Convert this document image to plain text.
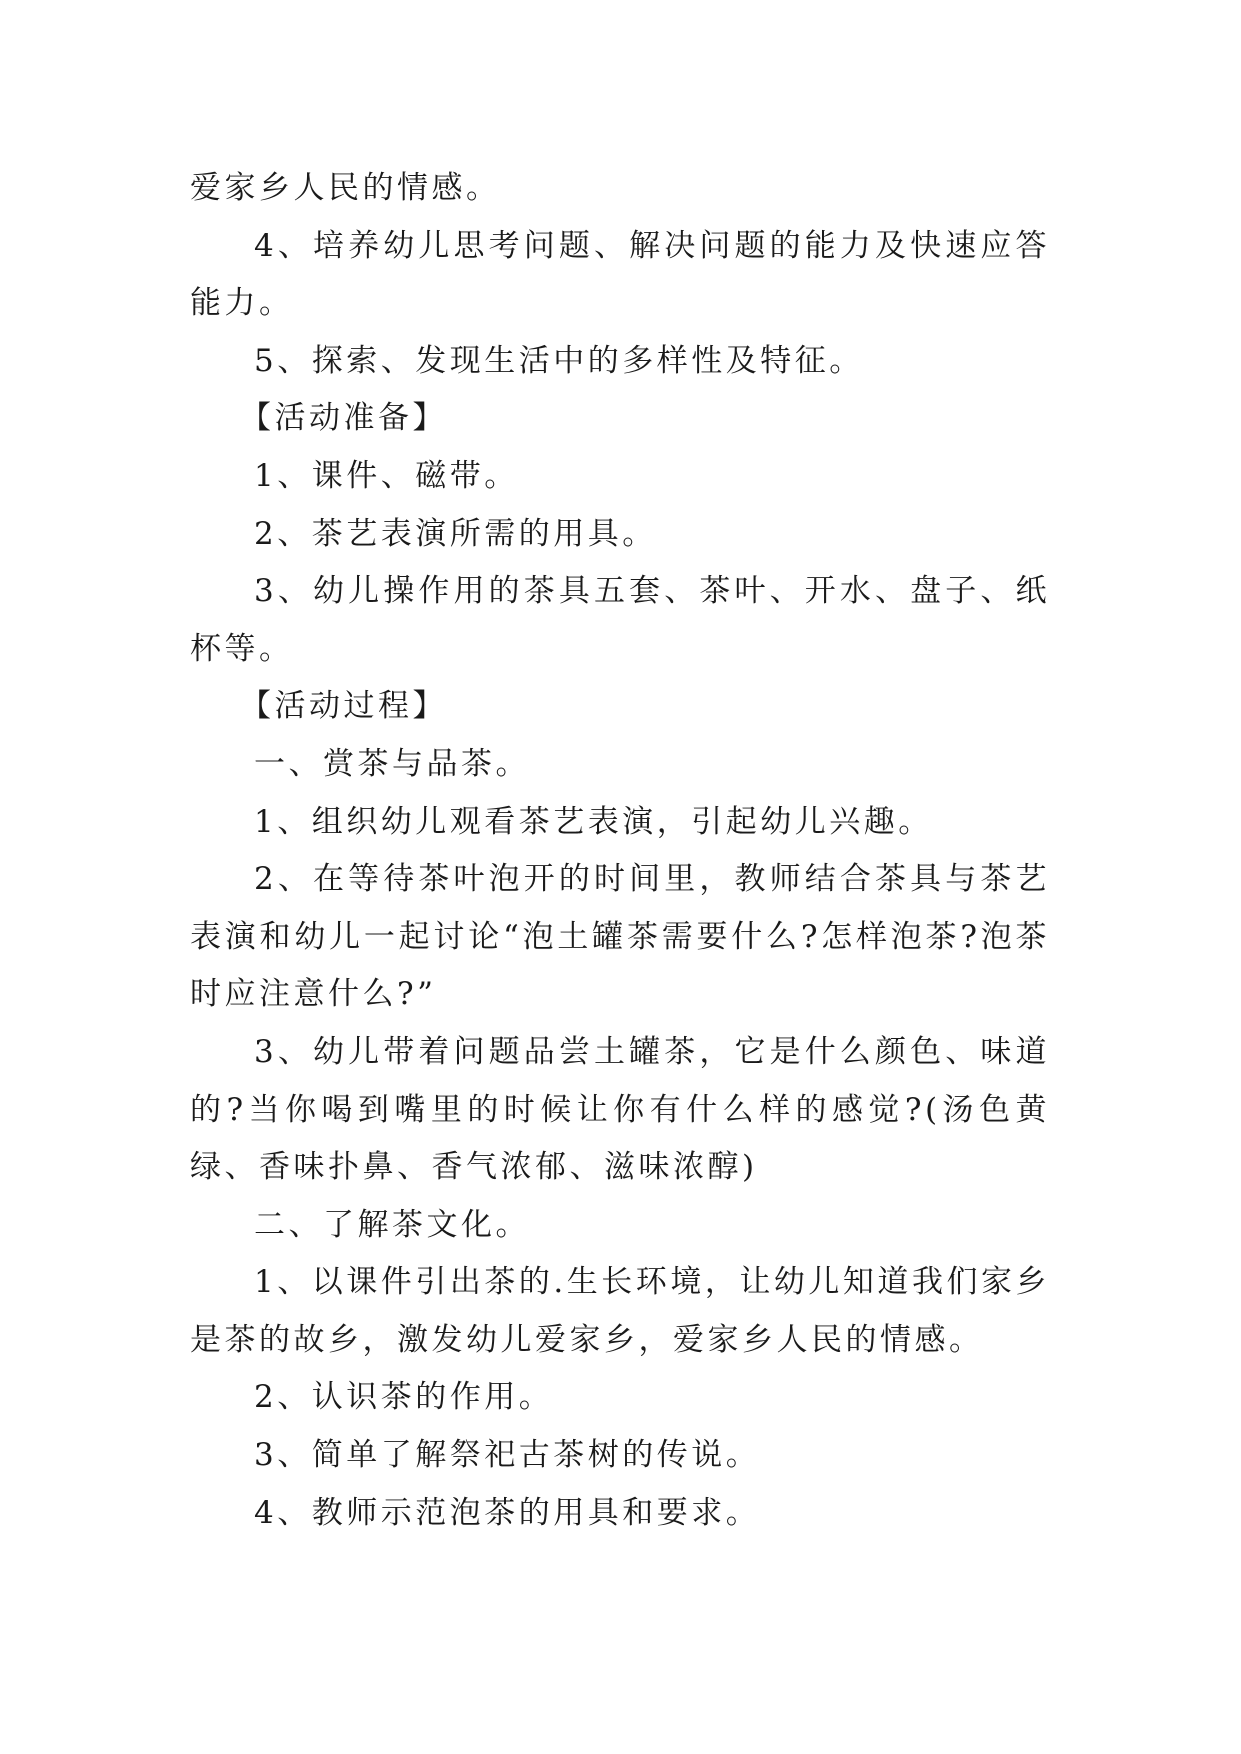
爱家乡人民的情感。

4、培养幼儿思考问题、解决问题的能力及快速应答能力。

5、探索、发现生活中的多样性及特征。

【活动准备】

1、课件、磁带。

2、茶艺表演所需的用具。

3、幼儿操作用的茶具五套、茶叶、开水、盘子、纸杯等。

【活动过程】

一、赏茶与品茶。

1、组织幼儿观看茶艺表演，引起幼儿兴趣。

2、在等待茶叶泡开的时间里，教师结合茶具与茶艺表演和幼儿一起讨论“泡土罐茶需要什么?怎样泡茶?泡茶时应注意什么?”

3、幼儿带着问题品尝土罐茶，它是什么颜色、味道的?当你喝到嘴里的时候让你有什么样的感觉?(汤色黄绿、香味扑鼻、香气浓郁、滋味浓醇)

二、了解茶文化。

1、以课件引出茶的.生长环境，让幼儿知道我们家乡是茶的故乡，激发幼儿爱家乡，爱家乡人民的情感。

2、认识茶的作用。

3、简单了解祭祀古茶树的传说。

4、教师示范泡茶的用具和要求。
